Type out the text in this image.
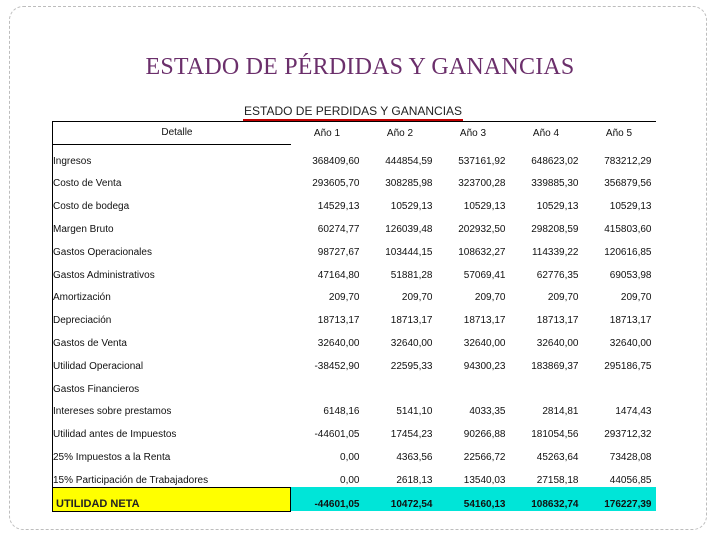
ESTADO DE PÉRDIDAS Y GANANCIAS
ESTADO DE PERDIDAS Y GANANCIAS
Detalle	Año 1	Año 2	Año 3	Año 4	Año 5
Ingresos	368409,60	444854,59	537161,92	648623,02	783212,29
Costo de Venta	293605,70	308285,98	323700,28	339885,30	356879,56
Costo de bodega	14529,13	10529,13	10529,13	10529,13	10529,13
Margen Bruto	60274,77	126039,48	202932,50	298208,59	415803,60
Gastos Operacionales	98727,67	103444,15	108632,27	114339,22	120616,85
Gastos Administrativos	47164,80	51881,28	57069,41	62776,35	69053,98
Amortización	209,70	209,70	209,70	209,70	209,70
Depreciación	18713,17	18713,17	18713,17	18713,17	18713,17
Gastos de Venta	32640,00	32640,00	32640,00	32640,00	32640,00
Utilidad Operacional	-38452,90	22595,33	94300,23	183869,37	295186,75
Gastos Financieros					
Intereses sobre prestamos	6148,16	5141,10	4033,35	2814,81	1474,43
Utilidad antes de Impuestos	-44601,05	17454,23	90266,88	181054,56	293712,32
25% Impuestos a la Renta	0,00	4363,56	22566,72	45263,64	73428,08
15% Participación de Trabajadores	0,00	2618,13	13540,03	27158,18	44056,85
UTILIDAD NETA	-44601,05	10472,54	54160,13	108632,74	176227,39
